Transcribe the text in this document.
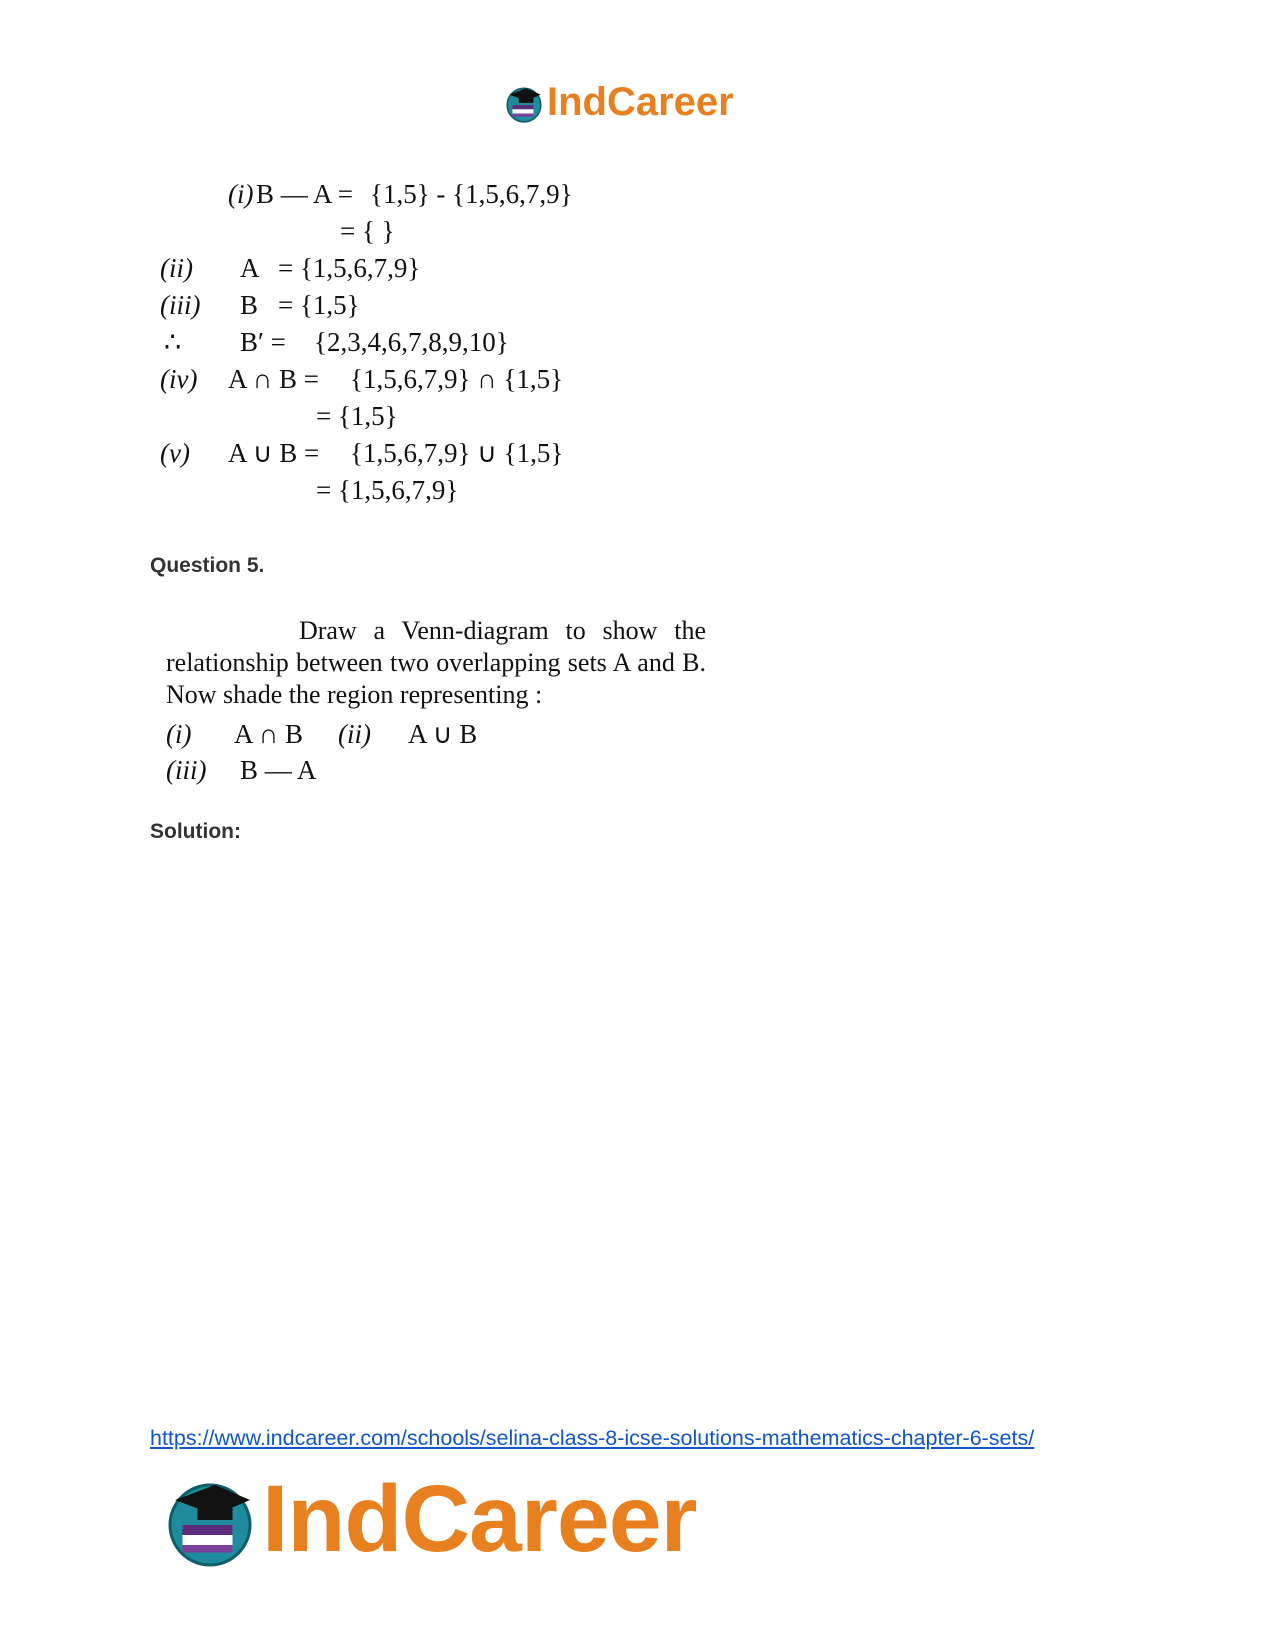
IndCareer
(i) B — A = {1,5} - {1,5,6,7,9}
= { }
(ii) A = {1,5,6,7,9}
(iii) B = {1,5}
∴ B′ = {2,3,4,6,7,8,9,10}
(iv) A ∩ B = {1,5,6,7,9} ∩ {1,5}
= {1,5}
(v) A ∪ B = {1,5,6,7,9} ∪ {1,5}
= {1,5,6,7,9}
Question 5.
Draw a Venn-diagram to show the relationship between two overlapping sets A and B. Now shade the region representing :
(i) A ∩ B (ii) A ∪ B
(iii) B — A
Solution:
https://www.indcareer.com/schools/selina-class-8-icse-solutions-mathematics-chapter-6-sets/
IndCareer
